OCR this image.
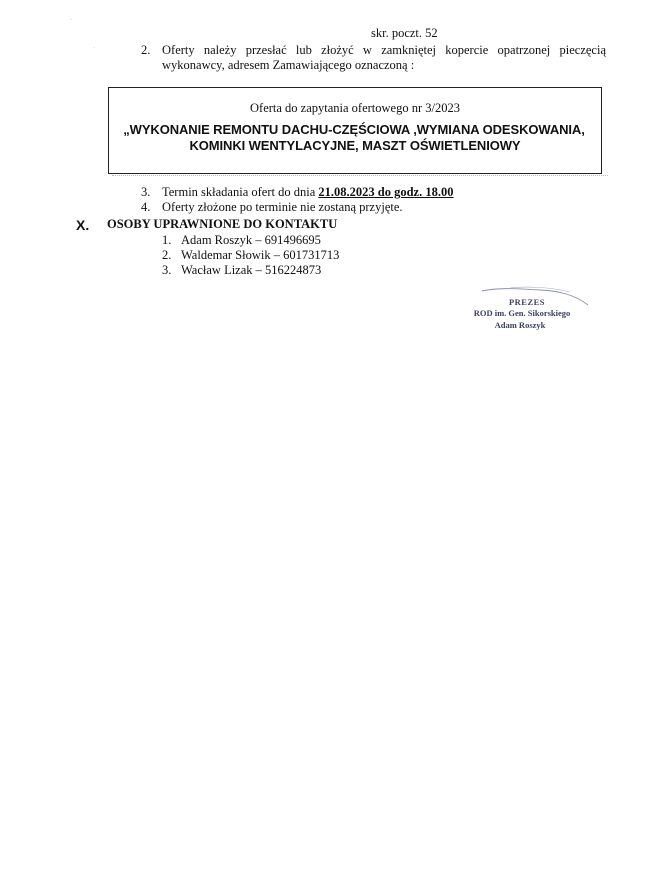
·
·
skr. poczt. 52
2. Oferty należy przesłać lub złożyć w zamkniętej kopercie opatrzonej pieczęcią
wykonawcy, adresem Zamawiającego oznaczoną :
Oferta do zapytania ofertowego nr 3/2023
„WYKONANIE REMONTU DACHU-CZĘŚCIOWA ,WYMIANA ODESKOWANIA,
KOMINKI WENTYLACYJNE, MASZT OŚWIETLENIOWY
3. Termin składania ofert do dnia 21.08.2023 do godz. 18.00
4. Oferty złożone po terminie nie zostaną przyjęte.
X. OSOBY UPRAWNIONE DO KONTAKTU
1. Adam Roszyk – 691496695
2. Waldemar Słowik – 601731713
3. Wacław Lizak – 516224873
PREZES
ROD im. Gen. Sikorskiego
Adam Roszyk
